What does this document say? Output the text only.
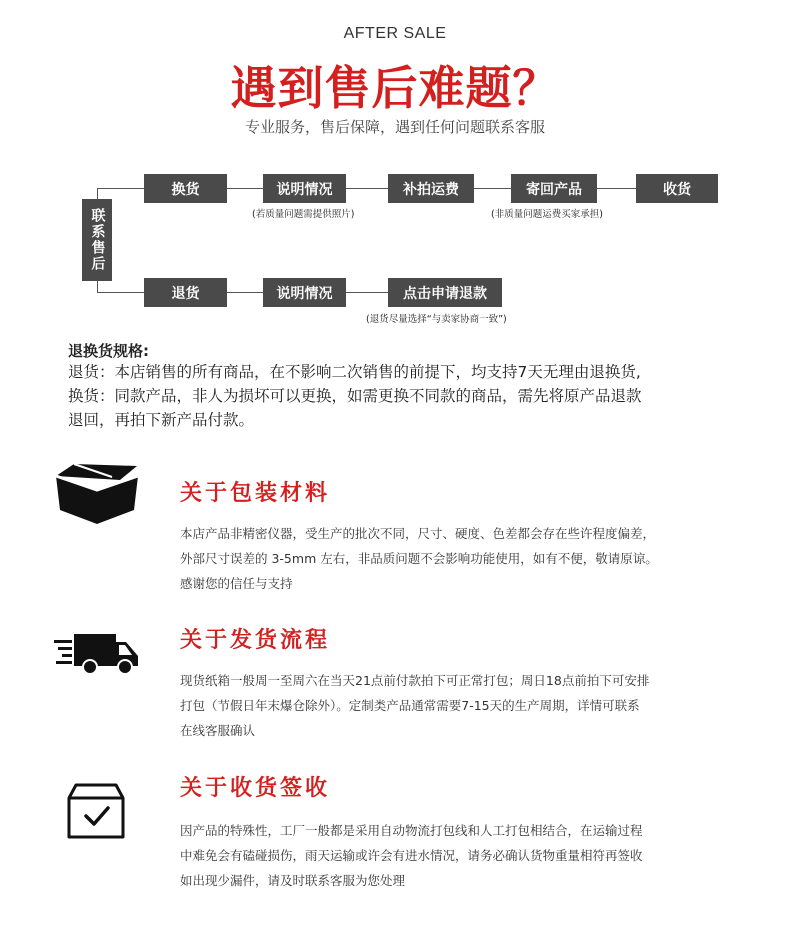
AFTER SALE
遇到售后难题？
专业服务，售后保障，遇到任何问题联系客服
联系售后
换货	说明情况	补拍运费	寄回产品	收货
(若质量问题需提供照片)	(非质量问题运费买家承担)
退货	说明情况	点击申请退款
(退货尽量选择“与卖家协商一致”)
退换货规格:
退货：本店销售的所有商品，在不影响二次销售的前提下，均支持7天无理由退换货,
换货：同款产品，非人为损坏可以更换，如需更换不同款的商品，需先将原产品退款
退回，再拍下新产品付款。
关于包装材料
本店产品非精密仪器，受生产的批次不同，尺寸、硬度、色差都会存在些许程度偏差，
外部尺寸误差的 3-5mm 左右，非品质问题不会影响功能使用，如有不便，敬请原谅。
感谢您的信任与支持
关于发货流程
现货纸箱一般周一至周六在当天21点前付款拍下可正常打包；周日18点前拍下可安排
打包（节假日年末爆仓除外）。定制类产品通常需要7-15天的生产周期，详情可联系
在线客服确认
关于收货签收
因产品的特殊性，工厂一般都是采用自动物流打包线和人工打包相结合，在运输过程
中难免会有磕碰损伤，雨天运输或许会有进水情况，请务必确认货物重量相符再签收
如出现少漏件，请及时联系客服为您处理
